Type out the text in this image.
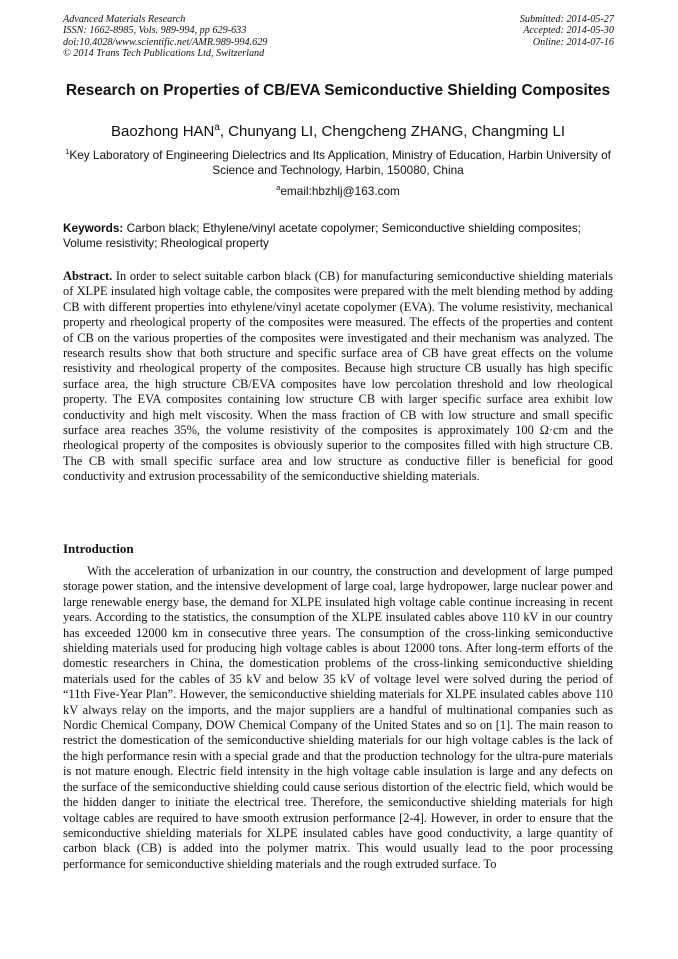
Advanced Materials Research
ISSN: 1662-8985, Vols. 989-994, pp 629-633
doi:10.4028/www.scientific.net/AMR.989-994.629
© 2014 Trans Tech Publications Ltd, Switzerland
Submitted: 2014-05-27
Accepted: 2014-05-30
Online: 2014-07-16
Research on Properties of CB/EVA Semiconductive Shielding Composites
Baozhong HAN$^a$, Chunyang LI, Chengcheng ZHANG, Changming LI
$^1$Key Laboratory of Engineering Dielectrics and Its Application, Ministry of Education, Harbin University of Science and Technology, Harbin, 150080, China
$^a$email:hbzhlj@163.com
Keywords: Carbon black; Ethylene/vinyl acetate copolymer; Semiconductive shielding composites; Volume resistivity; Rheological property
Abstract. In order to select suitable carbon black (CB) for manufacturing semiconductive shielding materials of XLPE insulated high voltage cable, the composites were prepared with the melt blending method by adding CB with different properties into ethylene/vinyl acetate copolymer (EVA). The volume resistivity, mechanical property and rheological property of the composites were measured. The effects of the properties and content of CB on the various properties of the composites were investigated and their mechanism was analyzed. The research results show that both structure and specific surface area of CB have great effects on the volume resistivity and rheological property of the composites. Because high structure CB usually has high specific surface area, the high structure CB/EVA composites have low percolation threshold and low rheological property. The EVA composites containing low structure CB with larger specific surface area exhibit low conductivity and high melt viscosity. When the mass fraction of CB with low structure and small specific surface area reaches 35%, the volume resistivity of the composites is approximately 100 Ω·cm and the rheological property of the composites is obviously superior to the composites filled with high structure CB. The CB with small specific surface area and low structure as conductive filler is beneficial for good conductivity and extrusion processability of the semiconductive shielding materials.
Introduction

With the acceleration of urbanization in our country, the construction and development of large pumped storage power station, and the intensive development of large coal, large hydropower, large nuclear power and large renewable energy base, the demand for XLPE insulated high voltage cable continue increasing in recent years. According to the statistics, the consumption of the XLPE insulated cables above 110 kV in our country has exceeded 12000 km in consecutive three years. The consumption of the cross-linking semiconductive shielding materials used for producing high voltage cables is about 12000 tons. After long-term efforts of the domestic researchers in China, the domestication problems of the cross-linking semiconductive shielding materials used for the cables of 35 kV and below 35 kV of voltage level were solved during the period of “11th Five-Year Plan”. However, the semiconductive shielding materials for XLPE insulated cables above 110 kV always relay on the imports, and the major suppliers are a handful of multinational companies such as Nordic Chemical Company, DOW Chemical Company of the United States and so on [1]. The main reason to restrict the domestication of the semiconductive shielding materials for our high voltage cables is the lack of the high performance resin with a special grade and that the production technology for the ultra-pure materials is not mature enough. Electric field intensity in the high voltage cable insulation is large and any defects on the surface of the semiconductive shielding could cause serious distortion of the electric field, which would be the hidden danger to initiate the electrical tree. Therefore, the semiconductive shielding materials for high voltage cables are required to have smooth extrusion performance [2-4]. However, in order to ensure that the semiconductive shielding materials for XLPE insulated cables have good conductivity, a large quantity of carbon black (CB) is added into the polymer matrix. This would usually lead to the poor processing performance for semiconductive shielding materials and the rough extruded surface. To
